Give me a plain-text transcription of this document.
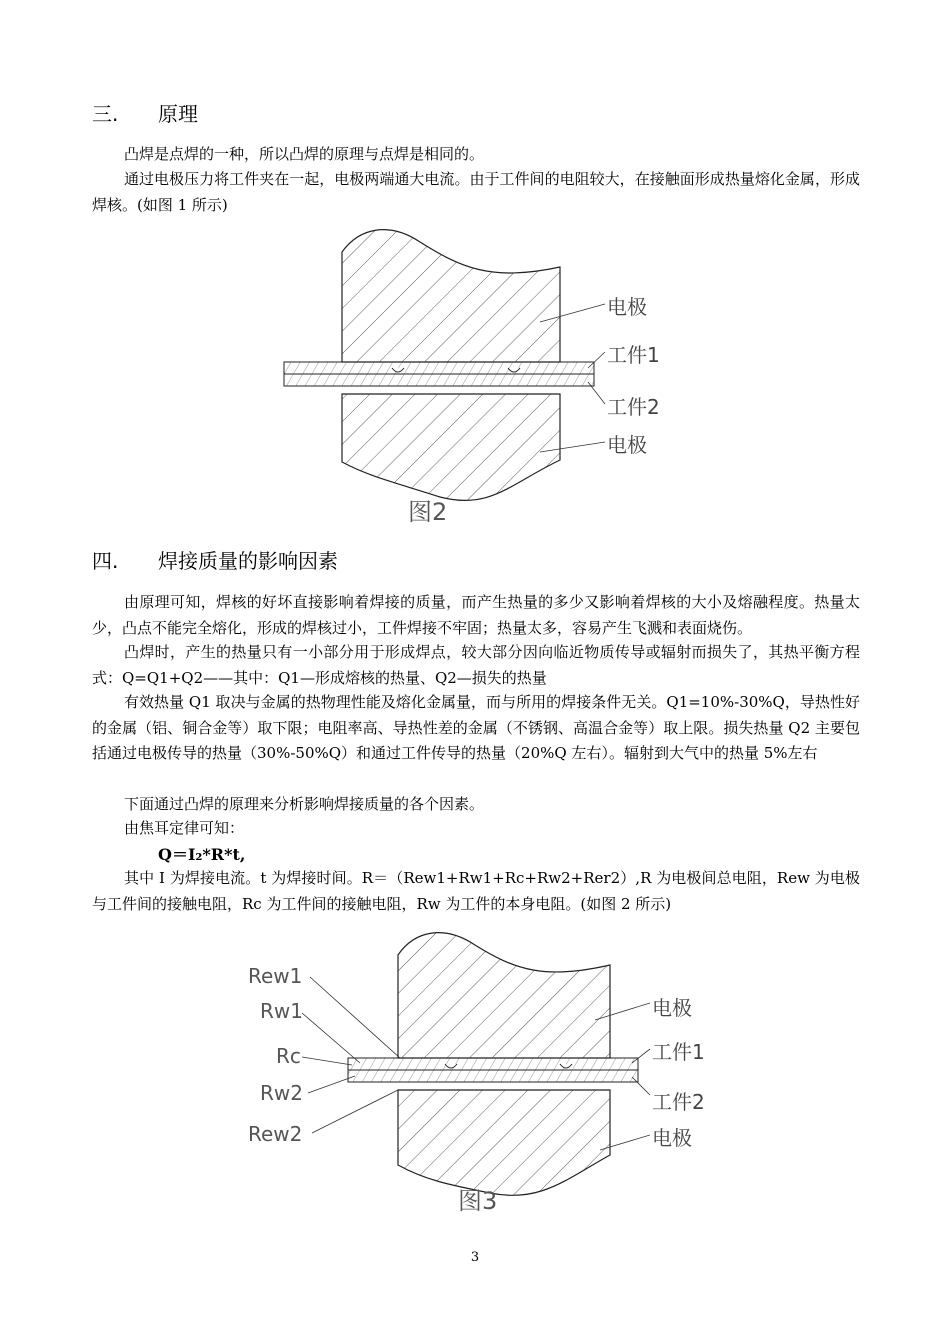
三. 原理

凸焊是点焊的一种，所以凸焊的原理与点焊是相同的。

通过电极压力将工件夹在一起，电极两端通大电流。由于工件间的电阻较大，在接触面形成热量熔化金属，形成焊核。(如图 1 所示)

电极
工件1
工件2
电极
图2
四. 焊接质量的影响因素

由原理可知，焊核的好坏直接影响着焊接的质量，而产生热量的多少又影响着焊核的大小及熔融程度。热量太少，凸点不能完全熔化，形成的焊核过小，工件焊接不牢固；热量太多，容易产生飞溅和表面烧伤。

凸焊时，产生的热量只有一小部分用于形成焊点，较大部分因向临近物质传导或辐射而损失了，其热平衡方程式：Q=Q1+Q2——其中：Q1—形成熔核的热量、Q2—损失的热量

有效热量 Q1 取决与金属的热物理性能及熔化金属量，而与所用的焊接条件无关。Q1=10%-30%Q，导热性好的金属（铝、铜合金等）取下限；电阻率高、导热性差的金属（不锈钢、高温合金等）取上限。损失热量 Q2 主要包括通过电极传导的热量（30%-50%Q）和通过工件传导的热量（20%Q 左右）。辐射到大气中的热量 5%左右

下面通过凸焊的原理来分析影响焊接质量的各个因素。

由焦耳定律可知：

Q＝I₂*R*t,

其中 I 为焊接电流。t 为焊接时间。R＝（Rew1+Rw1+Rc+Rw2+Rer2）,R 为电极间总电阻，Rew 为电极与工件间的接触电阻，Rc 为工件间的接触电阻，Rw 为工件的本身电阻。(如图 2 所示)

Rew1
Rw1
Rc
Rw2
Rew2
电极
工件1
工件2
电极
图3
3
